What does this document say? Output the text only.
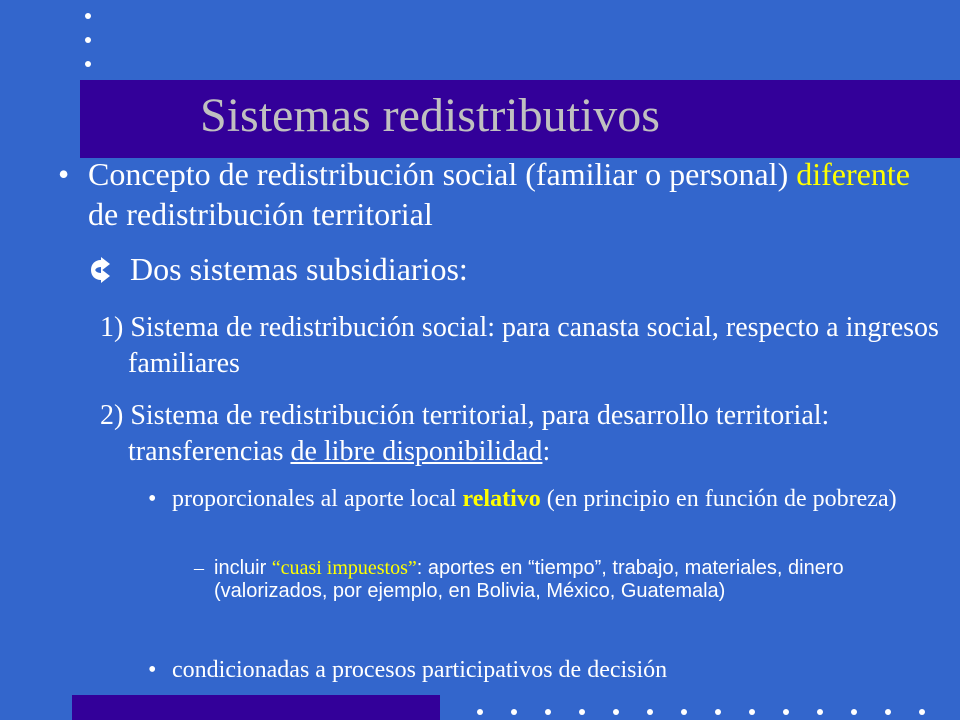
Sistemas redistributivos
• Concepto de redistribución social (familiar o personal) diferente de redistribución territorial
Dos sistemas subsidiarios:
1) Sistema de redistribución social: para canasta social, respecto a ingresos familiares
2) Sistema de redistribución territorial, para desarrollo territorial: transferencias de libre disponibilidad:
• proporcionales al aporte local relativo (en principio en función de pobreza)
– incluir “cuasi impuestos”: aportes en “tiempo”, trabajo, materiales, dinero (valorizados, por ejemplo, en Bolivia, México, Guatemala)
• condicionadas a procesos participativos de decisión
